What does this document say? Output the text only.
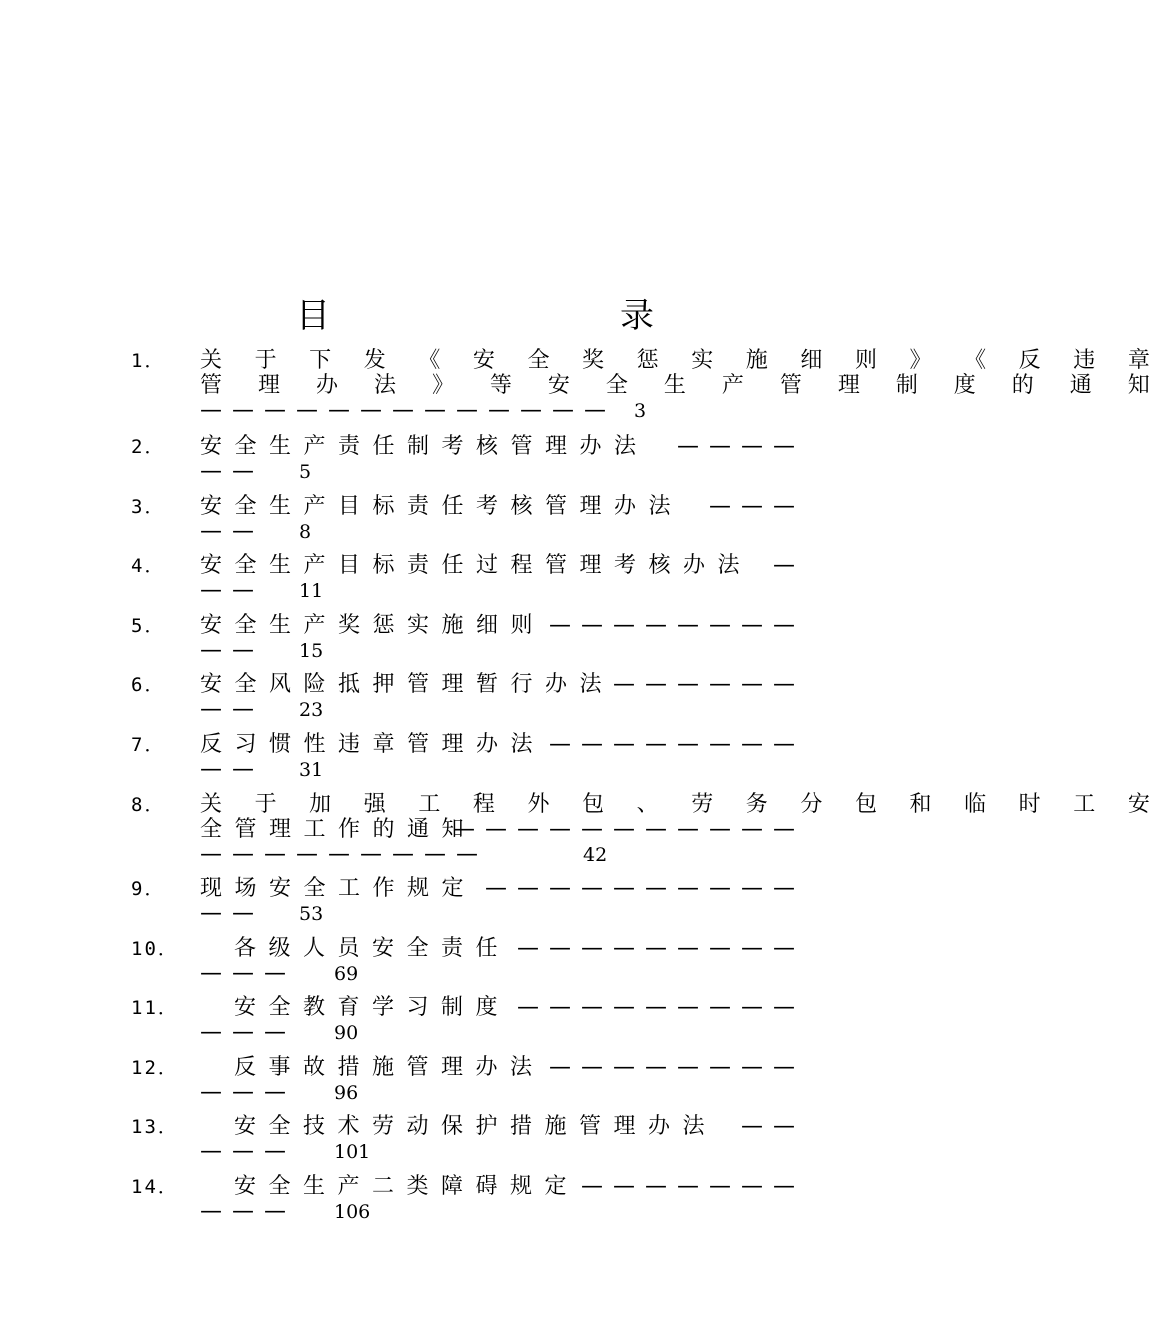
目　录
1． 关 于 下 发 《 安 全 奖 惩 实 施 细 则 》 《 反 违 章
管 理 办 法 》 等 安 全 生 产 管 理 制 度 的 通 知
————————————— 3
2． 安全生产责任制考核管理办法 ————
—— 5
3． 安全生产目标责任考核管理办法 ———
—— 8
4． 安全生产目标责任过程管理考核办法 —
—— 11
5． 安全生产奖惩实施细则 ————————
—— 15
6． 安全风险抵押管理暂行办法
——————
—— 23
7． 反习惯性违章管理办法 ————————
—— 31
8． 关 于 加 强 工 程 外 包 、 劳 务 分 包 和 临 时 工 安
全管理工作的通知
———————————
—————————	42
9． 现场安全工作规定 ——————————
—— 53
10．	各级人员安全责任 —————————
——— 69
11．	安全教育学习制度 —————————
——— 90
12．	反事故措施管理办法 ————————
——— 96
13．	安全技术劳动保护措施管理办法 ——
——— 101
14．	安全生产二类障碍规定 ———————
——— 106
